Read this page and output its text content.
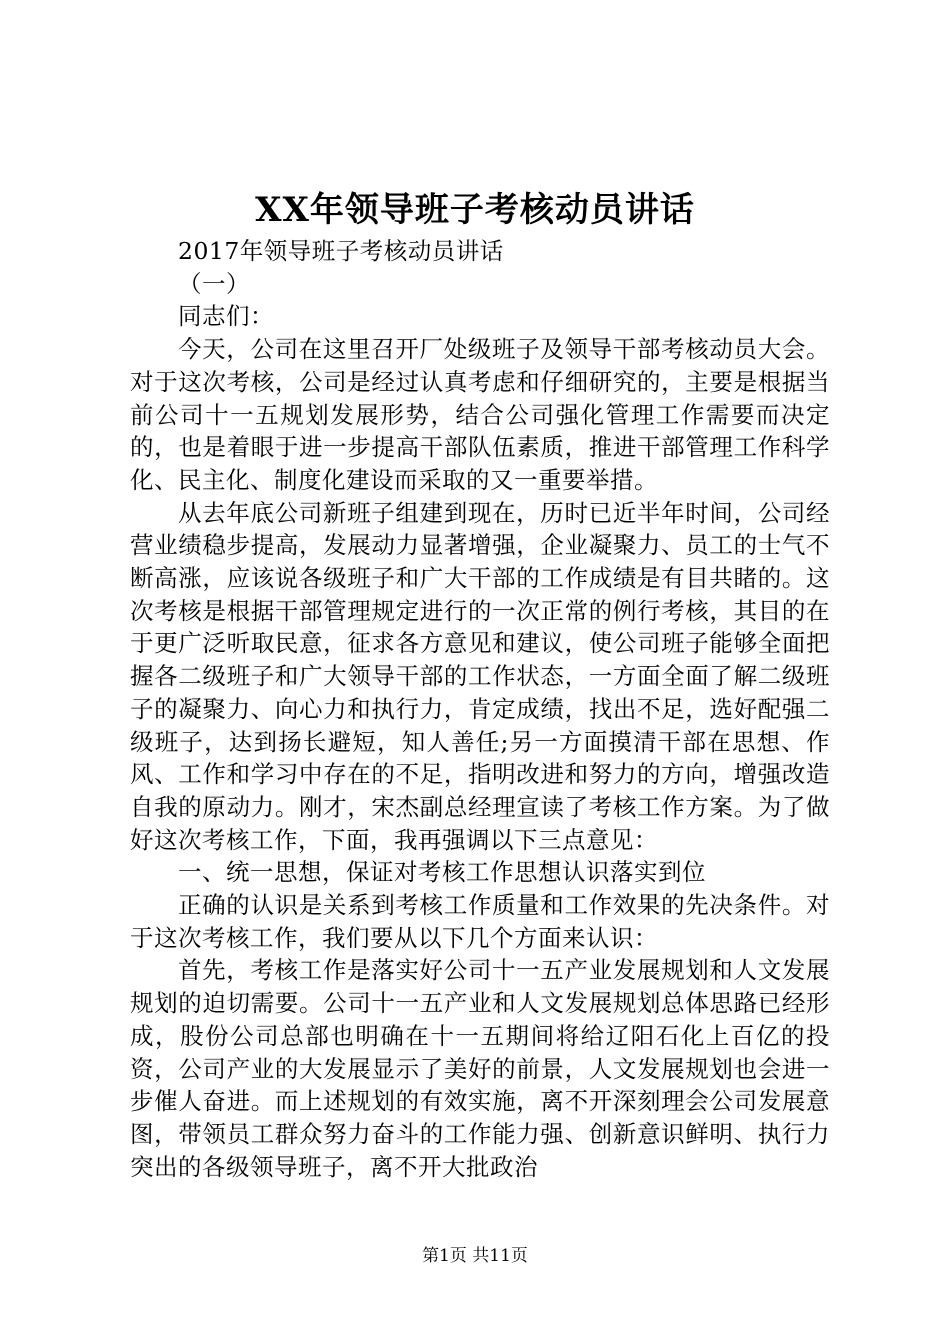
XX年领导班子考核动员讲话

2017年领导班子考核动员讲话

（一）

同志们：

今天，公司在这里召开厂处级班子及领导干部考核动员大会。对于这次考核，公司是经过认真考虑和仔细研究的，主要是根据当前公司十一五规划发展形势，结合公司强化管理工作需要而决定的，也是着眼于进一步提高干部队伍素质，推进干部管理工作科学化、民主化、制度化建设而采取的又一重要举措。

从去年底公司新班子组建到现在，历时已近半年时间，公司经营业绩稳步提高，发展动力显著增强，企业凝聚力、员工的士气不断高涨，应该说各级班子和广大干部的工作成绩是有目共睹的。这次考核是根据干部管理规定进行的一次正常的例行考核，其目的在于更广泛听取民意，征求各方意见和建议，使公司班子能够全面把握各二级班子和广大领导干部的工作状态，一方面全面了解二级班子的凝聚力、向心力和执行力，肯定成绩，找出不足，选好配强二级班子，达到扬长避短，知人善任;另一方面摸清干部在思想、作风、工作和学习中存在的不足，指明改进和努力的方向，增强改造自我的原动力。刚才，宋杰副总经理宣读了考核工作方案。为了做好这次考核工作，下面，我再强调以下三点意见：

一、统一思想，保证对考核工作思想认识落实到位

正确的认识是关系到考核工作质量和工作效果的先决条件。对于这次考核工作，我们要从以下几个方面来认识：

首先，考核工作是落实好公司十一五产业发展规划和人文发展规划的迫切需要。公司十一五产业和人文发展规划总体思路已经形成，股份公司总部也明确在十一五期间将给辽阳石化上百亿的投资，公司产业的大发展显示了美好的前景，人文发展规划也会进一步催人奋进。而上述规划的有效实施，离不开深刻理会公司发展意图，带领员工群众努力奋斗的工作能力强、创新意识鲜明、执行力突出的各级领导班子，离不开大批政治

第1页 共11页
